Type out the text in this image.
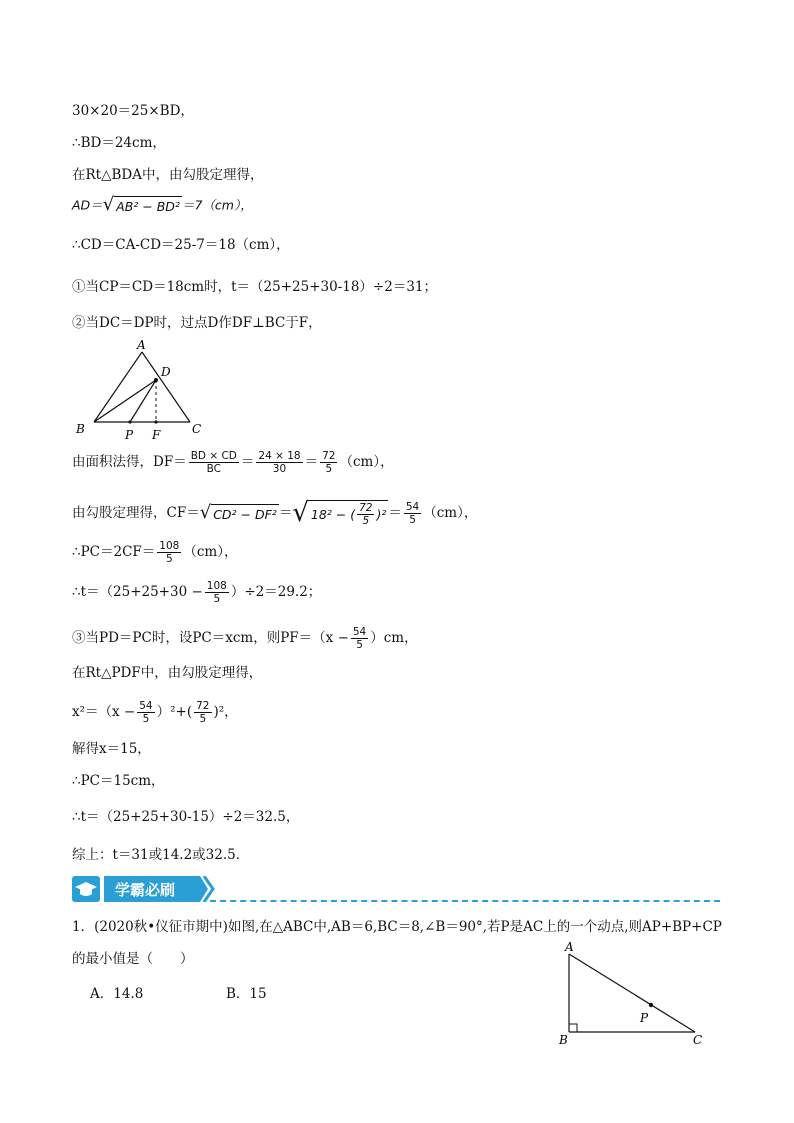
30×20＝25×BD，
∴BD＝24cm，
在Rt△BDA中，由勾股定理得，
AD＝ √ AB² − BD² ＝7（cm），
∴CD＝CA-CD＝25-7＝18（cm），
①当CP＝CD＝18cm时，t＝（25+25+30-18）÷2＝31；
②当DC＝DP时，过点D作DF⊥BC于F，
A
D
B	C
P F
由面积法得，$DF= \frac{BD \times CD}{BC} = \frac{24 \times 18}{30} = \frac{72}{5} (cm)$，
由勾股定理得，CF＝ √ CD² − DF² ＝ √ 18² − ( $\frac{72}{5} )^2 = \frac{54}{5} (cm)$，
∴PC＝2CF＝ $\frac{108}{5} (cm)$，
∴t＝（25+25+30 − $\frac{108}{5} )\div 2=29.2$；
③当PD＝PC时，设PC＝xcm，则$PF=(x - \frac{54}{5} )cm$，
在Rt△PDF中，由勾股定理得，
$x^2=(x - \frac{54}{5} )^2+( \frac{72}{5} )^2$，
解得x＝15，
∴PC＝15cm，
∴t＝（25+25+30-15）÷2＝32.5，
综上：t＝31或14.2或32.5．
学霸必刷
1．(2020秋•仪征市期中)如图,在△ABC中,AB＝6,BC＝8,∠B＝90°,若P是AC上的一个动点,则AP+BP+CP
的最小值是（　　）
A．14.8	B．15
A
B	C
P
